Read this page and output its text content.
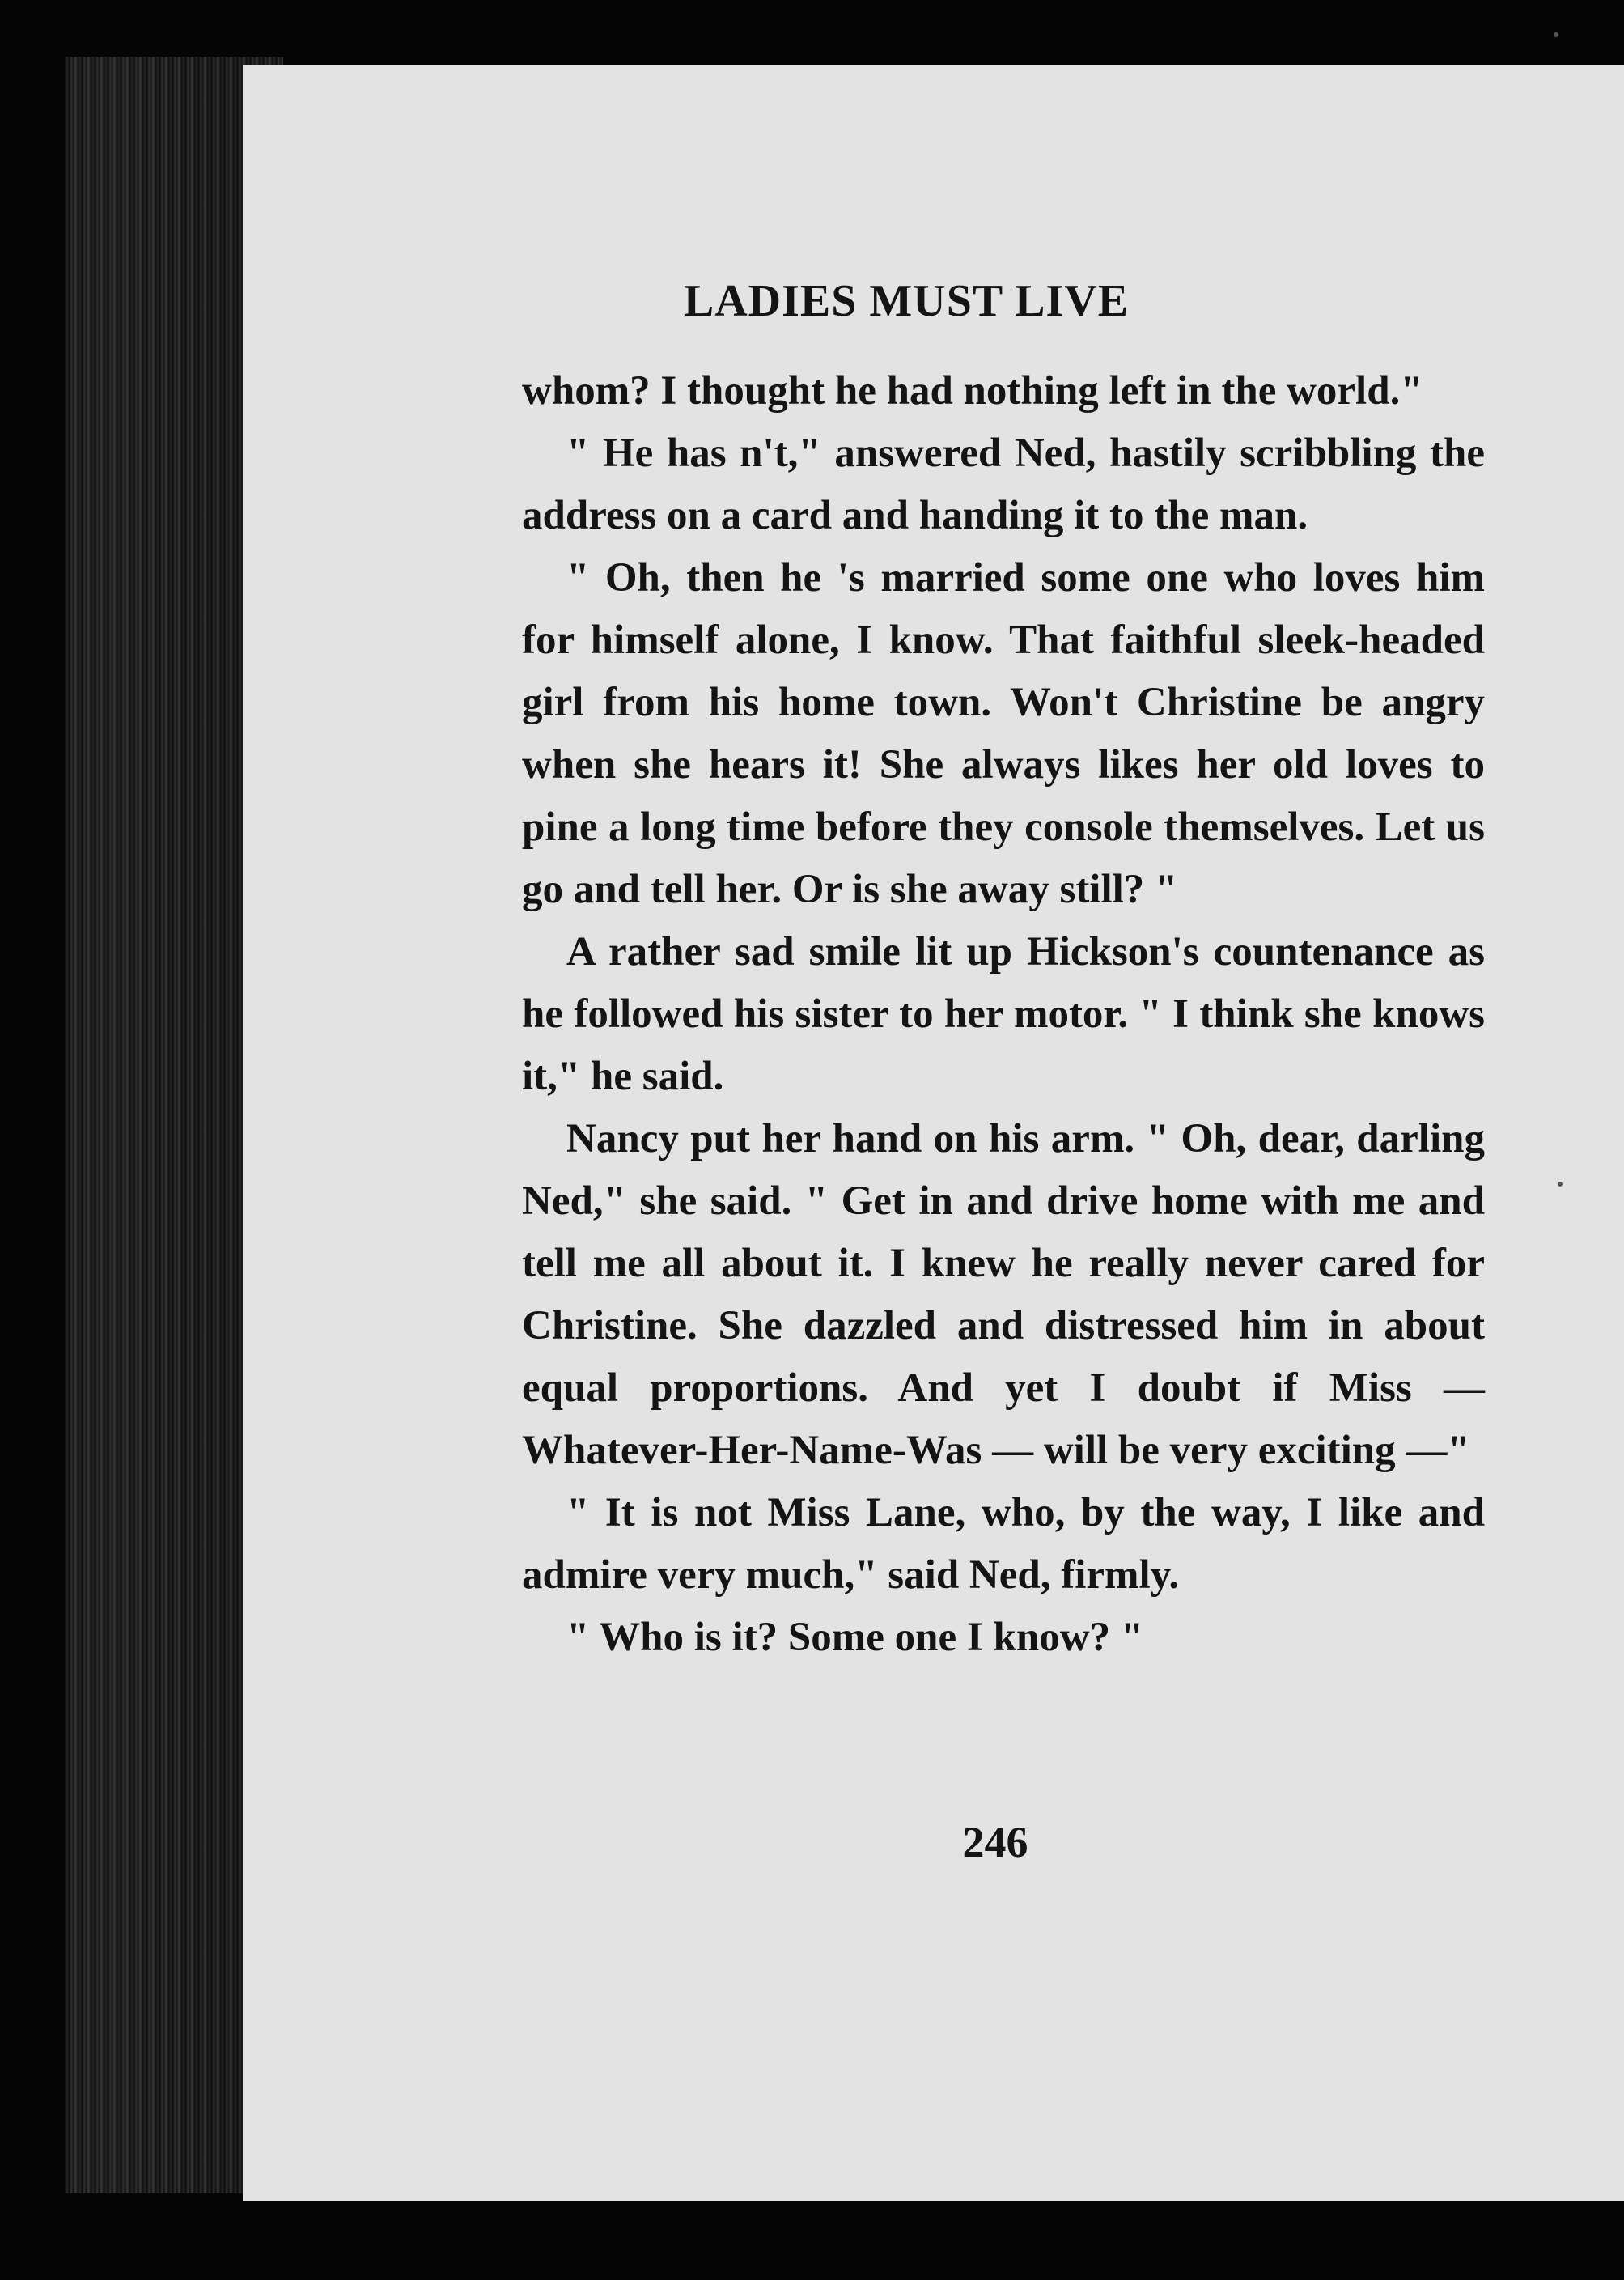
LADIES MUST LIVE

whom? I thought he had nothing left in the world."

" He has n't," answered Ned, hastily scribbling the address on a card and handing it to the man.

" Oh, then he 's married some one who loves him for himself alone, I know. That faithful sleek-headed girl from his home town. Won't Christine be angry when she hears it! She always likes her old loves to pine a long time before they console themselves. Let us go and tell her. Or is she away still? "

A rather sad smile lit up Hickson's countenance as he followed his sister to her motor. " I think she knows it," he said.

Nancy put her hand on his arm. " Oh, dear, darling Ned," she said. " Get in and drive home with me and tell me all about it. I knew he really never cared for Christine. She dazzled and distressed him in about equal proportions. And yet I doubt if Miss — Whatever-Her-Name-Was — will be very exciting —"

" It is not Miss Lane, who, by the way, I like and admire very much," said Ned, firmly.

" Who is it? Some one I know? "

246
